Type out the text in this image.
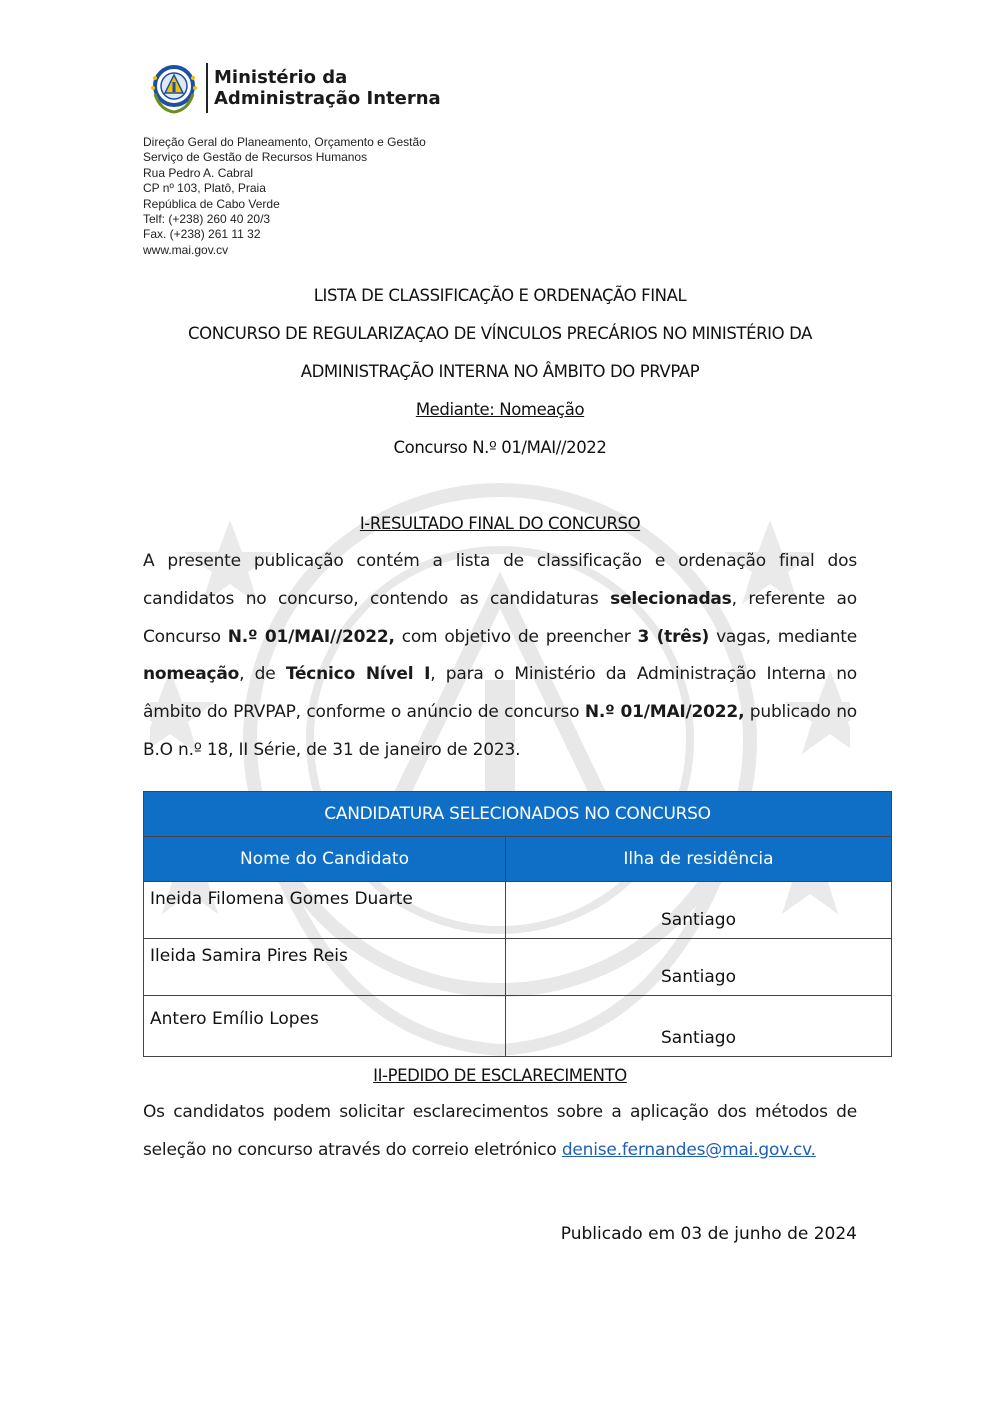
Ministério da
Administração Interna
Direção Geral do Planeamento, Orçamento e Gestão
Serviço de Gestão de Recursos Humanos
Rua Pedro A. Cabral
CP nº 103, Platô, Praia
República de Cabo Verde
Telf: (+238) 260 40 20/3
Fax. (+238) 261 11 32
www.mai.gov.cv
LISTA DE CLASSIFICAÇÃO E ORDENAÇÃO FINAL
CONCURSO DE REGULARIZAÇAO DE VÍNCULOS PRECÁRIOS NO MINISTÉRIO DA
ADMINISTRAÇÃO INTERNA NO ÂMBITO DO PRVPAP
Mediante: Nomeação
Concurso N.º 01/MAI//2022
I-RESULTADO FINAL DO CONCURSO
A presente publicação contém a lista de classificação e ordenação final dos candidatos no concurso, contendo as candidaturas selecionadas, referente ao Concurso N.º 01/MAI//2022, com objetivo de preencher 3 (três) vagas, mediante nomeação, de Técnico Nível I, para o Ministério da Administração Interna no âmbito do PRVPAP, conforme o anúncio de concurso N.º 01/MAI/2022, publicado no B.O n.º 18, II Série, de 31 de janeiro de 2023.
CANDIDATURA SELECIONADOS NO CONCURSO	
Nome do Candidato	Ilha de residência
Ineida Filomena Gomes Duarte	Santiago
Ileida Samira Pires Reis	Santiago
Antero Emílio Lopes	Santiago
II-PEDIDO DE ESCLARECIMENTO
Os candidatos podem solicitar esclarecimentos sobre a aplicação dos métodos de seleção no concurso através do correio eletrónico denise.fernandes@mai.gov.cv.
Publicado em 03 de junho de 2024
